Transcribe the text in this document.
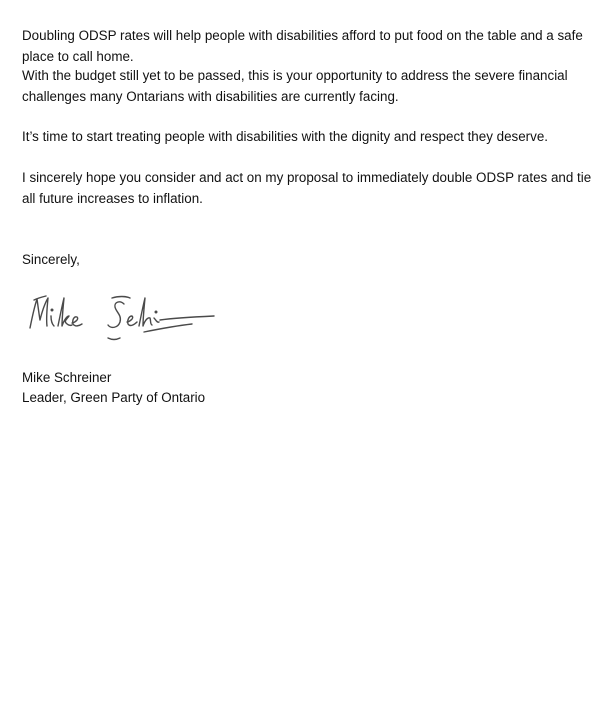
Doubling ODSP rates will help people with disabilities afford to put food on the table and a safe place to call home.

With the budget still yet to be passed, this is your opportunity to address the severe financial challenges many Ontarians with disabilities are currently facing.

It’s time to start treating people with disabilities with the dignity and respect they deserve.

I sincerely hope you consider and act on my proposal to immediately double ODSP rates and tie all future increases to inflation.

Sincerely,

Mike Schreiner

Leader, Green Party of Ontario
